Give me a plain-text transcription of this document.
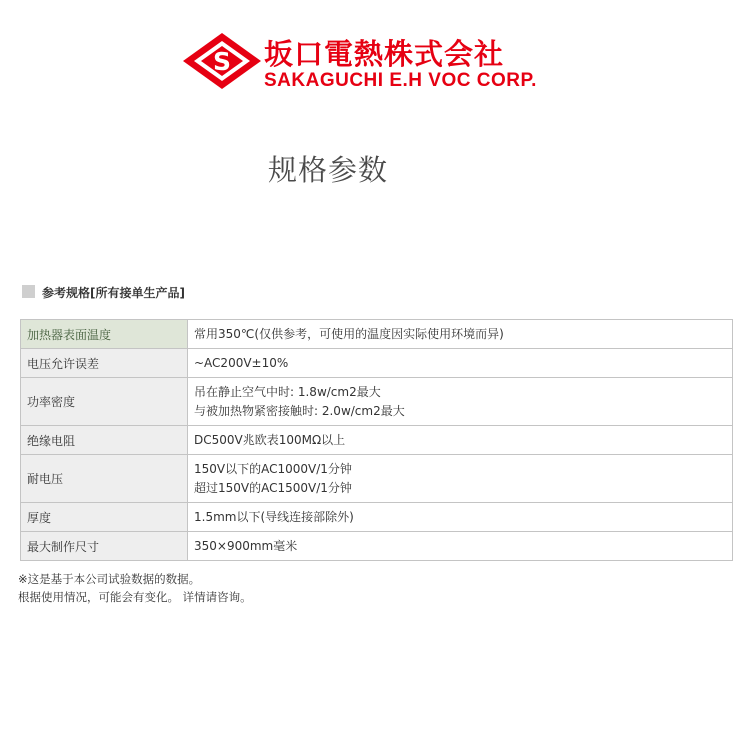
S 坂口電熱株式会社
SAKAGUCHI E.H VOC CORP.
规格参数
参考规格[所有接单生产品]
加热器表面温度	常用350℃(仅供参考，可使用的温度因实际使用环境而异)

电压允许误差	~AC200V±10%

功率密度	吊在静止空气中时: 1.8w/cm2最大
与被加热物紧密接触时: 2.0w/cm2最大

绝缘电阻	DC500V兆欧表100MΩ以上

耐电压	150V以下的AC1000V/1分钟
超过150V的AC1500V/1分钟

厚度	1.5mm以下(导线连接部除外)

最大制作尺寸	350×900mm毫米
※这是基于本公司试验数据的数据。
根据使用情况，可能会有变化。 详情请咨询。
